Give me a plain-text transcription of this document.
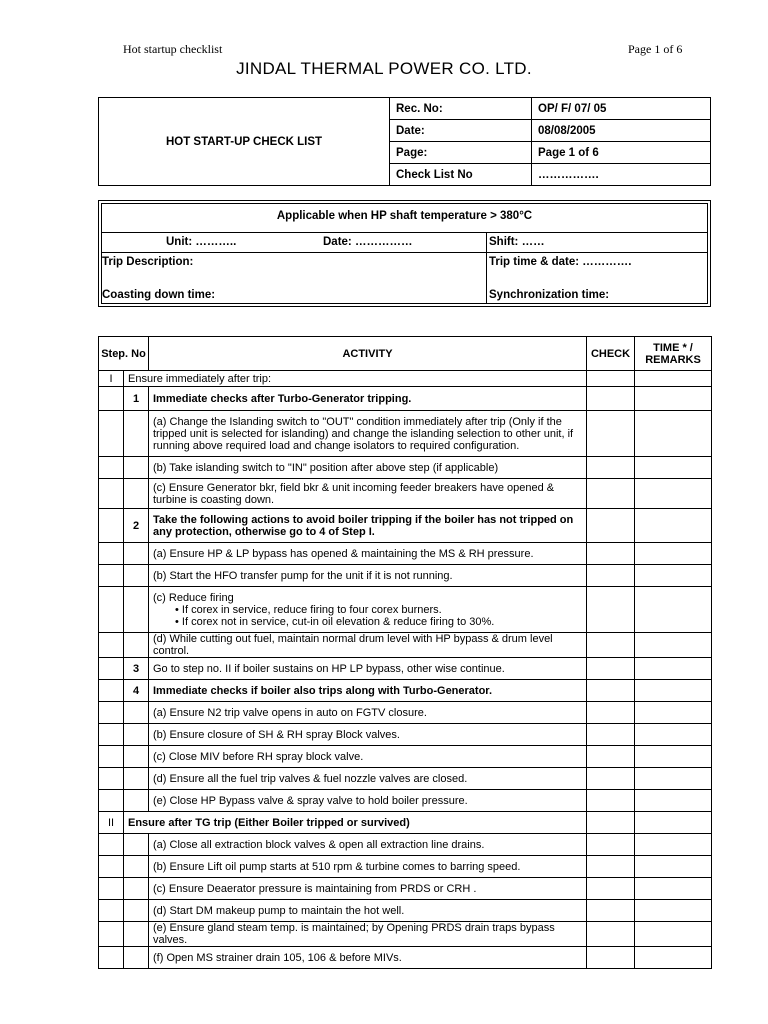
Hot startup checklist	Page 1 of 6
JINDAL THERMAL POWER CO. LTD.
HOT START-UP CHECK LIST	Rec. No:	OP/ F/ 07/ 05
	Date:	08/08/2005
	Page:	Page 1 of 6
	Check List No	…………….
Applicable when HP shaft temperature > 380°C
Unit: ………..	Date: ……………	Shift: ……
Trip Description:	Trip time & date: ………….
Coasting down time:	Synchronization time:
Step. No		ACTIVITY	CHECK	TIME * / REMARKS
I	Ensure immediately after trip:			
	1	Immediate checks after Turbo-Generator tripping.		
		(a) Change the Islanding switch to "OUT" condition immediately after trip (Only if the tripped unit is selected for islanding) and change the islanding selection to other unit, if running above required load and change isolators to required configuration.		
		(b) Take islanding switch to "IN" position after above step (if applicable)		
		(c) Ensure Generator bkr, field bkr & unit incoming feeder breakers have opened & turbine is coasting down.		
	2	Take the following actions to avoid boiler tripping if the boiler has not tripped on any protection, otherwise go to 4 of Step I.		
		(a) Ensure HP & LP bypass has opened & maintaining the MS & RH pressure.		
		(b) Start the HFO transfer pump for the unit if it is not running.		
		(c) Reduce firing
• If corex in service, reduce firing to four corex burners.
• If corex not in service, cut-in oil elevation & reduce firing to 30%.		

		(d) While cutting out fuel, maintain normal drum level with HP bypass & drum level control.		
	3	Go to step no. II if boiler sustains on HP LP bypass, other wise continue.		
	4	Immediate checks if boiler also trips along with Turbo-Generator.		
		(a) Ensure N2 trip valve opens in auto on FGTV closure.		
		(b) Ensure closure of SH & RH spray Block valves.		
		(c) Close MIV before RH spray block valve.		
		(d) Ensure all the fuel trip valves & fuel nozzle valves are closed.		
		(e) Close HP Bypass valve & spray valve to hold boiler pressure.		
II	Ensure after TG trip (Either Boiler tripped or survived)			
		(a) Close all extraction block valves & open all extraction line drains.		
		(b) Ensure Lift oil pump starts at 510 rpm & turbine comes to barring speed.		
		(c) Ensure Deaerator pressure is maintaining from PRDS or CRH .		
		(d) Start DM makeup pump to maintain the hot well.		
		(e) Ensure gland steam temp. is maintained; by Opening PRDS drain traps bypass valves.		
		(f) Open MS strainer drain 105, 106 & before MIVs.		
